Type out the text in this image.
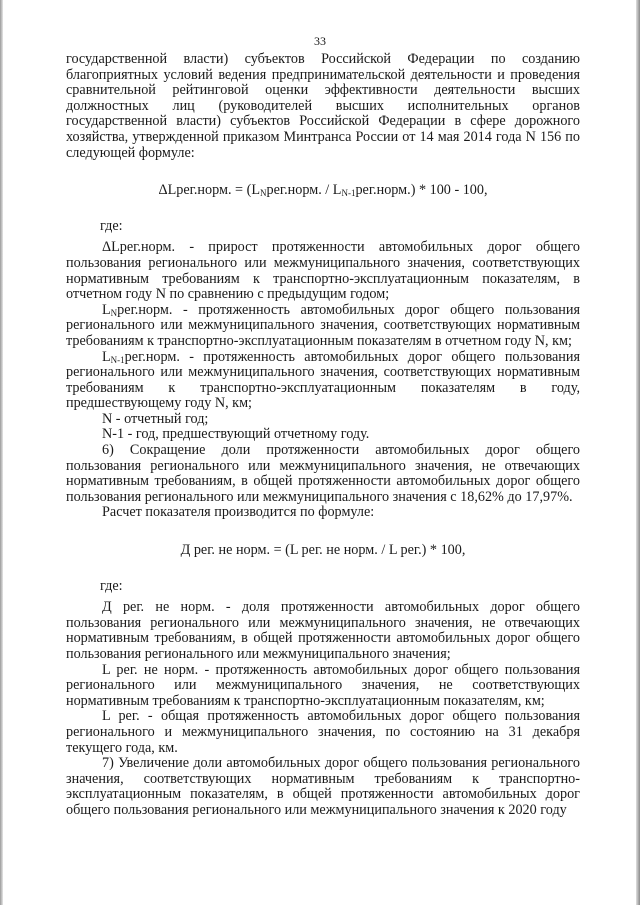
33

государственной власти) субъектов Российской Федерации по созданию благоприятных условий ведения предпринимательской деятельности и проведения сравнительной рейтинговой оценки эффективности деятельности высших должностных лиц (руководителей высших исполнительных органов государственной власти) субъектов Российской Федерации в сфере дорожного хозяйства, утвержденной приказом Минтранса России от 14 мая 2014 года N 156 по следующей формуле:

ΔLрег.норм. = ($L_Nрег.норм$. / $L_{N-1}рег.норм.) * 100 - 100$,

где:

ΔLрег.норм. - прирост протяженности автомобильных дорог общего пользования регионального или межмуниципального значения, соответствующих нормативным требованиям к транспортно-эксплуатационным показателям, в отчетном году N по сравнению с предыдущим годом;

$L_Nрег.норм$. - протяженность автомобильных дорог общего пользования регионального или межмуниципального значения, соответствующих нормативным требованиям к транспортно-эксплуатационным показателям в отчетном году N, км;

$L_{N-1}рег.норм$. - протяженность автомобильных дорог общего пользования регионального или межмуниципального значения, соответствующих нормативным требованиям к транспортно-эксплуатационным показателям в году, предшествующему году N, км;

N - отчетный год;

N-1 - год, предшествующий отчетному году.

6) Сокращение доли протяженности автомобильных дорог общего пользования регионального или межмуниципального значения, не отвечающих нормативным требованиям, в общей протяженности автомобильных дорог общего пользования регионального или межмуниципального значения с 18,62% до 17,97%.

Расчет показателя производится по формуле:

Д рег. не норм. = (L рег. не норм. / L рег.) * 100,

где:

Д рег. не норм. - доля протяженности автомобильных дорог общего пользования регионального или межмуниципального значения, не отвечающих нормативным требованиям, в общей протяженности автомобильных дорог общего пользования регионального или межмуниципального значения;

L рег. не норм. - протяженность автомобильных дорог общего пользования регионального или межмуниципального значения, не соответствующих нормативным требованиям к транспортно-эксплуатационным показателям, км;

L рег. - общая протяженность автомобильных дорог общего пользования регионального и межмуниципального значения, по состоянию на 31 декабря текущего года, км.

7) Увеличение доли автомобильных дорог общего пользования регионального значения, соответствующих нормативным требованиям к транспортно-эксплуатационным показателям, в общей протяженности автомобильных дорог общего пользования регионального или межмуниципального значения к 2020 году
